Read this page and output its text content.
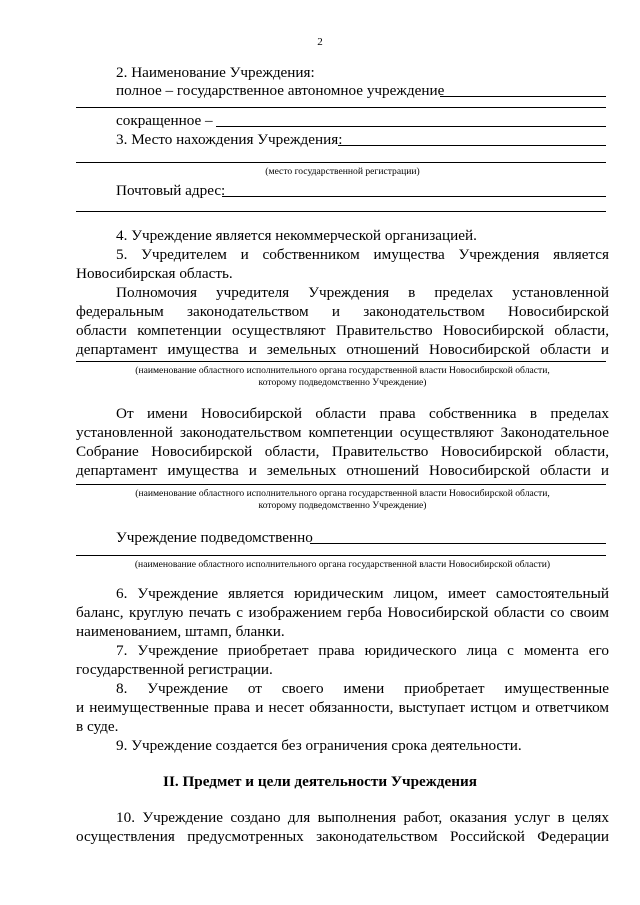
2
2. Наименование Учреждения:
полное – государственное автономное учреждение
сокращенное –
3. Место нахождения Учреждения:
(место государственной регистрации)
Почтовый адрес:
4. Учреждение является некоммерческой организацией.
5. Учредителем и собственником имущества Учреждения является
Новосибирская область.
Полномочия учредителя Учреждения в пределах установленной
федеральным законодательством и законодательством Новосибирской
области компетенции осуществляют Правительство Новосибирской области,
департамент имущества и земельных отношений Новосибирской области и
(наименование областного исполнительного органа государственной власти Новосибирской области,
которому подведомственно Учреждение)
От имени Новосибирской области права собственника в пределах
установленной законодательством компетенции осуществляют Законодательное
Собрание Новосибирской области, Правительство Новосибирской области,
департамент имущества и земельных отношений Новосибирской области и
(наименование областного исполнительного органа государственной власти Новосибирской области,
которому подведомственно Учреждение)
Учреждение подведомственно
(наименование областного исполнительного органа государственной власти Новосибирской области)
6. Учреждение является юридическим лицом, имеет самостоятельный
баланс, круглую печать с изображением герба Новосибирской области со своим
наименованием, штамп, бланки.
7. Учреждение приобретает права юридического лица с момента его
государственной регистрации.
8. Учреждение от своего имени приобретает имущественные
и неимущественные права и несет обязанности, выступает истцом и ответчиком
в суде.
9. Учреждение создается без ограничения срока деятельности.
II. Предмет и цели деятельности Учреждения
10. Учреждение создано для выполнения работ, оказания услуг в целях
осуществления предусмотренных законодательством Российской Федерации
